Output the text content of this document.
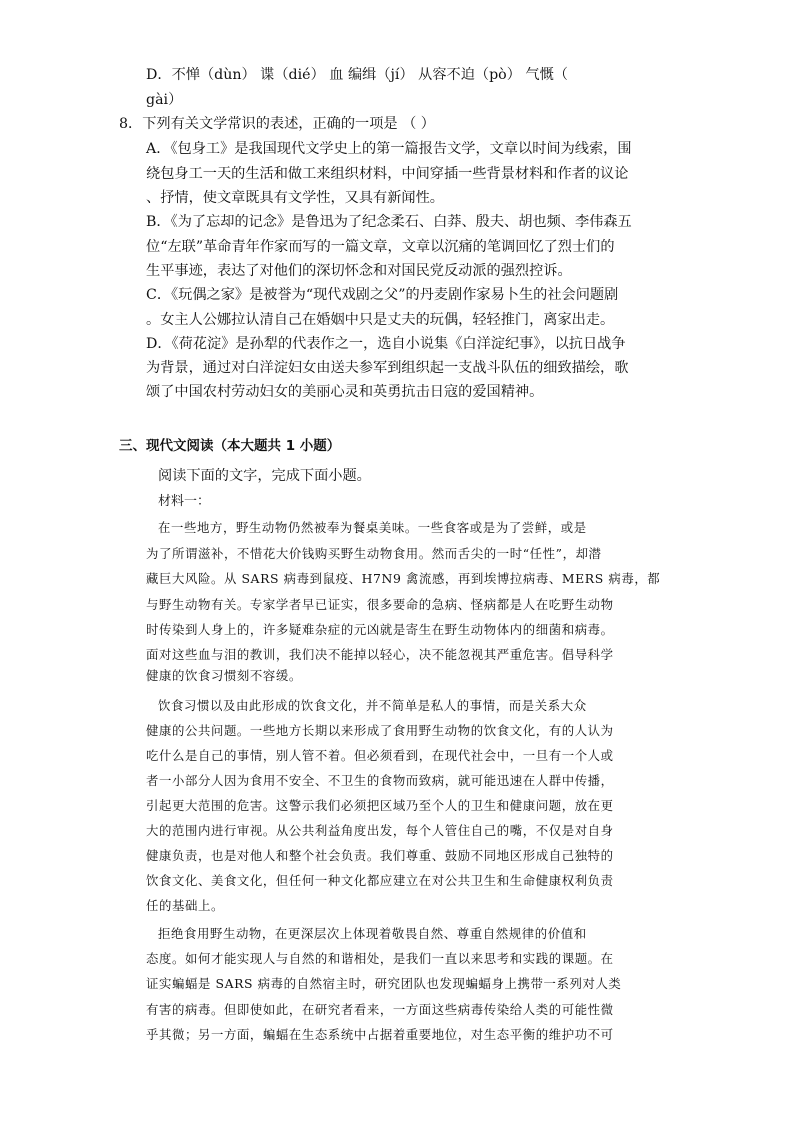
D．不惮（dùn） 谍（dié） 血 编缉（jí） 从容不迫（pò） 气慨（
gài）
8．下列有关文学常识的表述，正确的一项是 （ ）
A．《包身工》是我国现代文学史上的第一篇报告文学，文章以时间为线索，围
绕包身工一天的生活和做工来组织材料，中间穿插一些背景材料和作者的议论
、抒情，使文章既具有文学性，又具有新闻性。
B．《为了忘却的记念》是鲁迅为了纪念柔石、白莽、殷夫、胡也频、李伟森五
位“左联”革命青年作家而写的一篇文章，文章以沉痛的笔调回忆了烈士们的
生平事迹，表达了对他们的深切怀念和对国民党反动派的强烈控诉。
C．《玩偶之家》是被誉为“现代戏剧之父”的丹麦剧作家易卜生的社会问题剧
。女主人公娜拉认清自己在婚姻中只是丈夫的玩偶，轻轻推门，离家出走。
D．《荷花淀》是孙犁的代表作之一，选自小说集《白洋淀纪事》，以抗日战争
为背景，通过对白洋淀妇女由送夫参军到组织起一支战斗队伍的细致描绘，歌
颂了中国农村劳动妇女的美丽心灵和英勇抗击日寇的爱国精神。
三、现代文阅读（本大题共 1 小题）
阅读下面的文字，完成下面小题。
材料一：
在一些地方，野生动物仍然被奉为餐桌美味。一些食客或是为了尝鲜，或是
为了所谓滋补，不惜花大价钱购买野生动物食用。然而舌尖的一时“任性”，却潜
藏巨大风险。从 SARS 病毒到鼠疫、H7N9 禽流感，再到埃博拉病毒、MERS 病毒，都
与野生动物有关。专家学者早已证实，很多要命的急病、怪病都是人在吃野生动物
时传染到人身上的，许多疑难杂症的元凶就是寄生在野生动物体内的细菌和病毒。
面对这些血与泪的教训，我们决不能掉以轻心，决不能忽视其严重危害。倡导科学
健康的饮食习惯刻不容缓。
饮食习惯以及由此形成的饮食文化，并不简单是私人的事情，而是关系大众
健康的公共问题。一些地方长期以来形成了食用野生动物的饮食文化，有的人认为
吃什么是自己的事情，别人管不着。但必须看到，在现代社会中，一旦有一个人或
者一小部分人因为食用不安全、不卫生的食物而致病，就可能迅速在人群中传播，
引起更大范围的危害。这警示我们必须把区域乃至个人的卫生和健康问题，放在更
大的范围内进行审视。从公共利益角度出发，每个人管住自己的嘴，不仅是对自身
健康负责，也是对他人和整个社会负责。我们尊重、鼓励不同地区形成自己独特的
饮食文化、美食文化，但任何一种文化都应建立在对公共卫生和生命健康权利负责
任的基础上。
拒绝食用野生动物，在更深层次上体现着敬畏自然、尊重自然规律的价值和
态度。如何才能实现人与自然的和谐相处，是我们一直以来思考和实践的课题。在
证实蝙蝠是 SARS 病毒的自然宿主时，研究团队也发现蝙蝠身上携带一系列对人类
有害的病毒。但即使如此，在研究者看来，一方面这些病毒传染给人类的可能性微
乎其微；另一方面，蝙蝠在生态系统中占据着重要地位，对生态平衡的维护功不可
